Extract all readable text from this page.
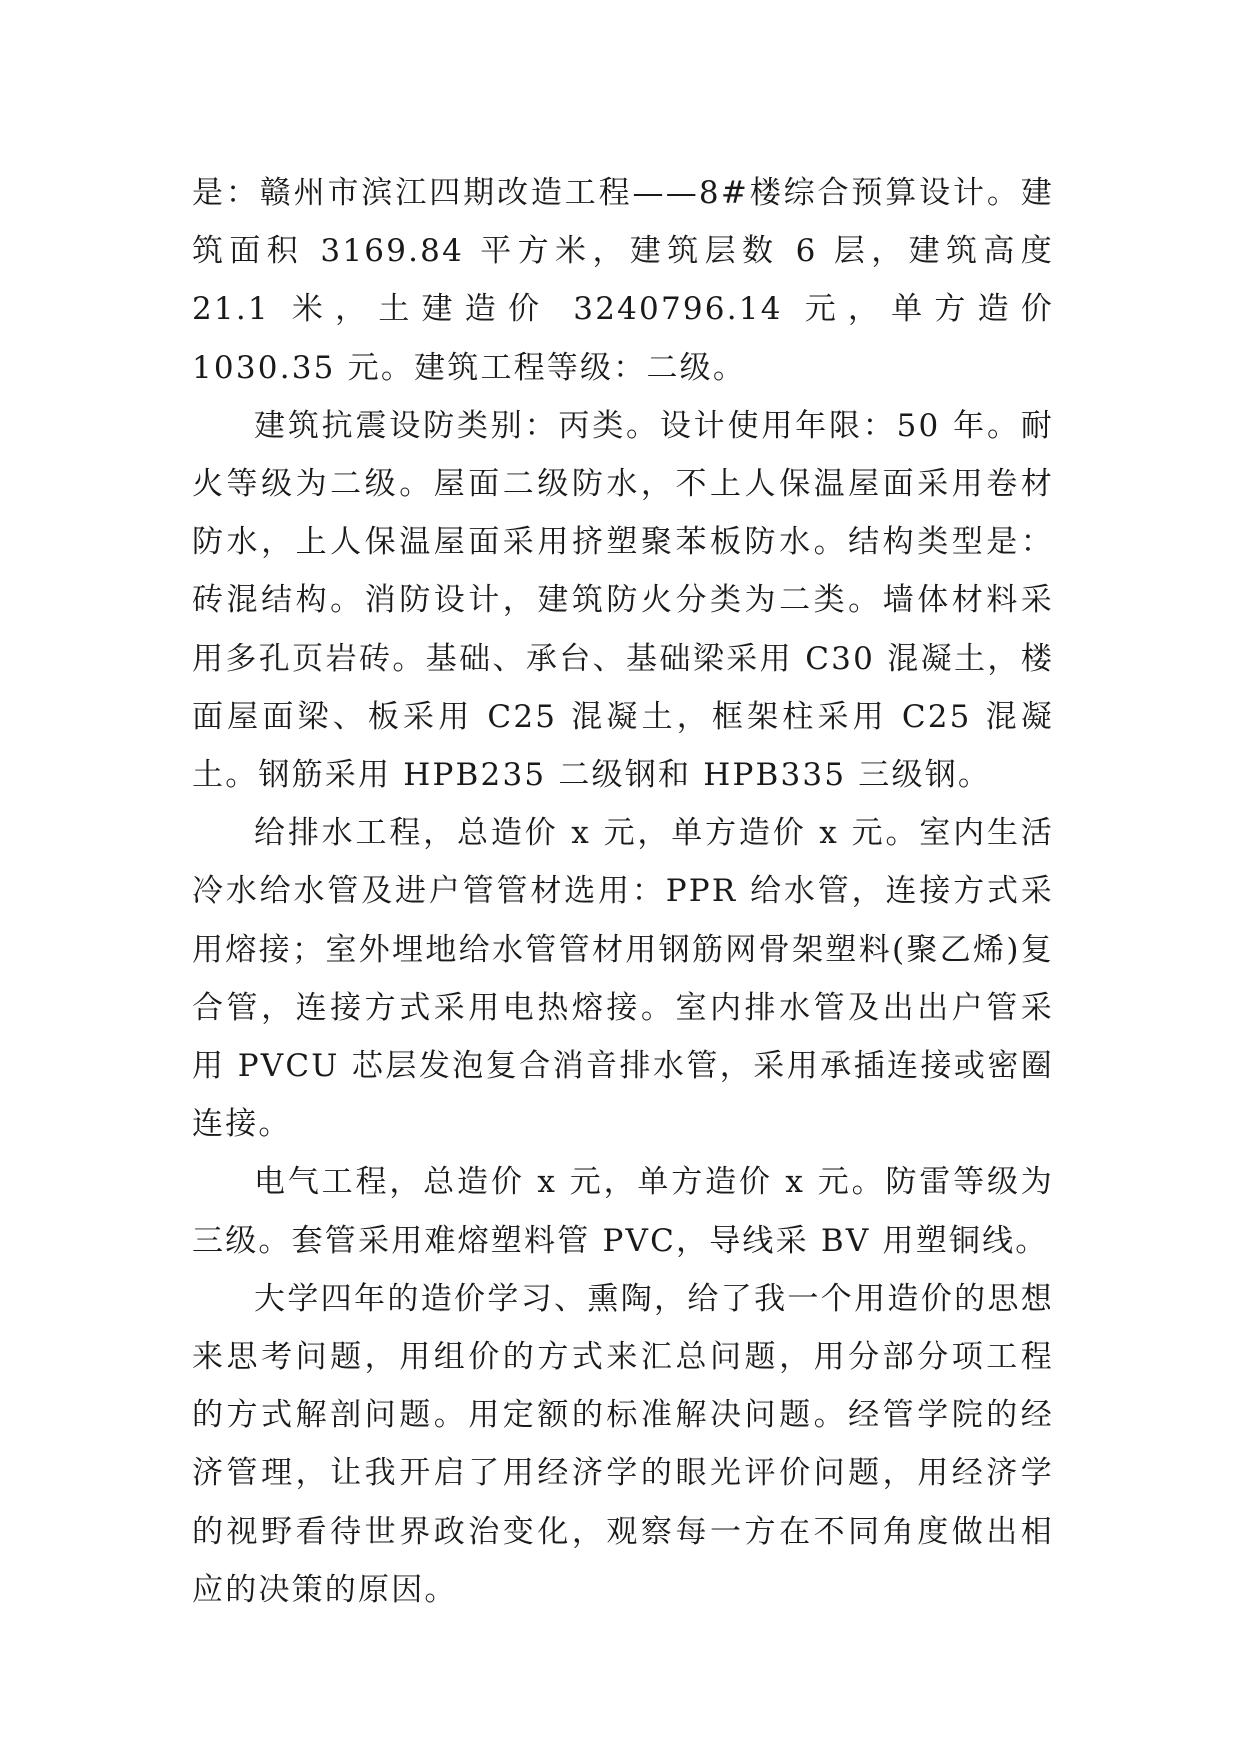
是：赣州市滨江四期改造工程——8#楼综合预算设计。建筑面积 3169.84 平方米，建筑层数 6 层，建筑高度 21.1 米，土建造价 3240796.14 元，单方造价 1030.35 元。建筑工程等级：二级。

建筑抗震设防类别：丙类。设计使用年限：50 年。耐火等级为二级。屋面二级防水，不上人保温屋面采用卷材防水，上人保温屋面采用挤塑聚苯板防水。结构类型是：砖混结构。消防设计，建筑防火分类为二类。墙体材料采用多孔页岩砖。基础、承台、基础梁采用 C30 混凝土，楼面屋面梁、板采用 C25 混凝土，框架柱采用 C25 混凝土。钢筋采用 HPB235 二级钢和 HPB335 三级钢。

给排水工程，总造价 x 元，单方造价 x 元。室内生活冷水给水管及进户管管材选用：PPR 给水管，连接方式采用熔接；室外埋地给水管管材用钢筋网骨架塑料(聚乙烯)复合管，连接方式采用电热熔接。室内排水管及出出户管采用 PVCU 芯层发泡复合消音排水管，采用承插连接或密圈连接。

电气工程，总造价 x 元，单方造价 x 元。防雷等级为三级。套管采用难熔塑料管 PVC，导线采 BV 用塑铜线。

大学四年的造价学习、熏陶，给了我一个用造价的思想来思考问题，用组价的方式来汇总问题，用分部分项工程的方式解剖问题。用定额的标准解决问题。经管学院的经济管理，让我开启了用经济学的眼光评价问题，用经济学的视野看待世界政治变化，观察每一方在不同角度做出相应的决策的原因。
